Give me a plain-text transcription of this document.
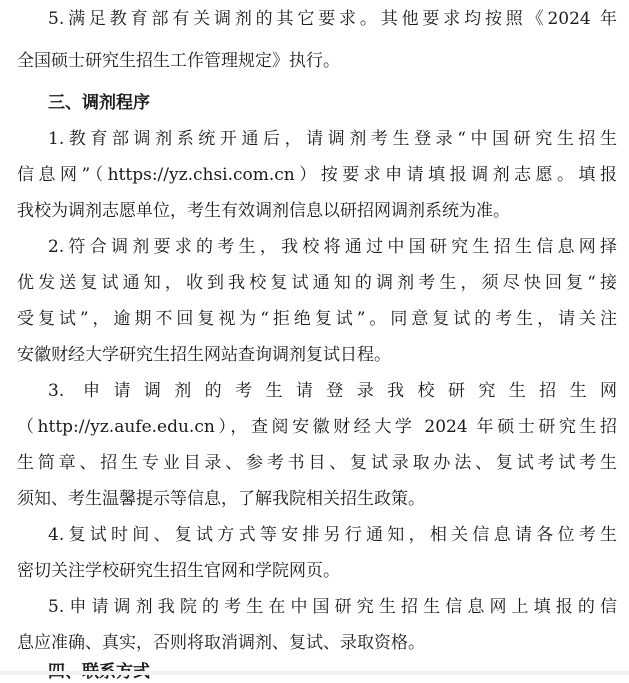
5.满足教育部有关调剂的其它要求。其他要求均按照《2024 年
全国硕士研究生招生工作管理规定》执行。
三、调剂程序
1.教育部调剂系统开通后，请调剂考生登录“中国研究生招生
信息网”（https://yz.chsi.com.cn）按要求申请填报调剂志愿。填报
我校为调剂志愿单位，考生有效调剂信息以研招网调剂系统为准。
2.符合调剂要求的考生，我校将通过中国研究生招生信息网择
优发送复试通知，收到我校复试通知的调剂考生，须尽快回复“接
受复试”，逾期不回复视为“拒绝复试”。同意复试的考生，请关注
安徽财经大学研究生招生网站查询调剂复试日程。
3. 申请调剂的考生请登录我校研究生招生网
（http://yz.aufe.edu.cn），查阅安徽财经大学 2024 年硕士研究生招
生简章、招生专业目录、参考书目、复试录取办法、复试考试考生
须知、考生温馨提示等信息，了解我院相关招生政策。
4.复试时间、复试方式等安排另行通知，相关信息请各位考生
密切关注学校研究生招生官网和学院网页。
5.申请调剂我院的考生在中国研究生招生信息网上填报的信
息应准确、真实，否则将取消调剂、复试、录取资格。
